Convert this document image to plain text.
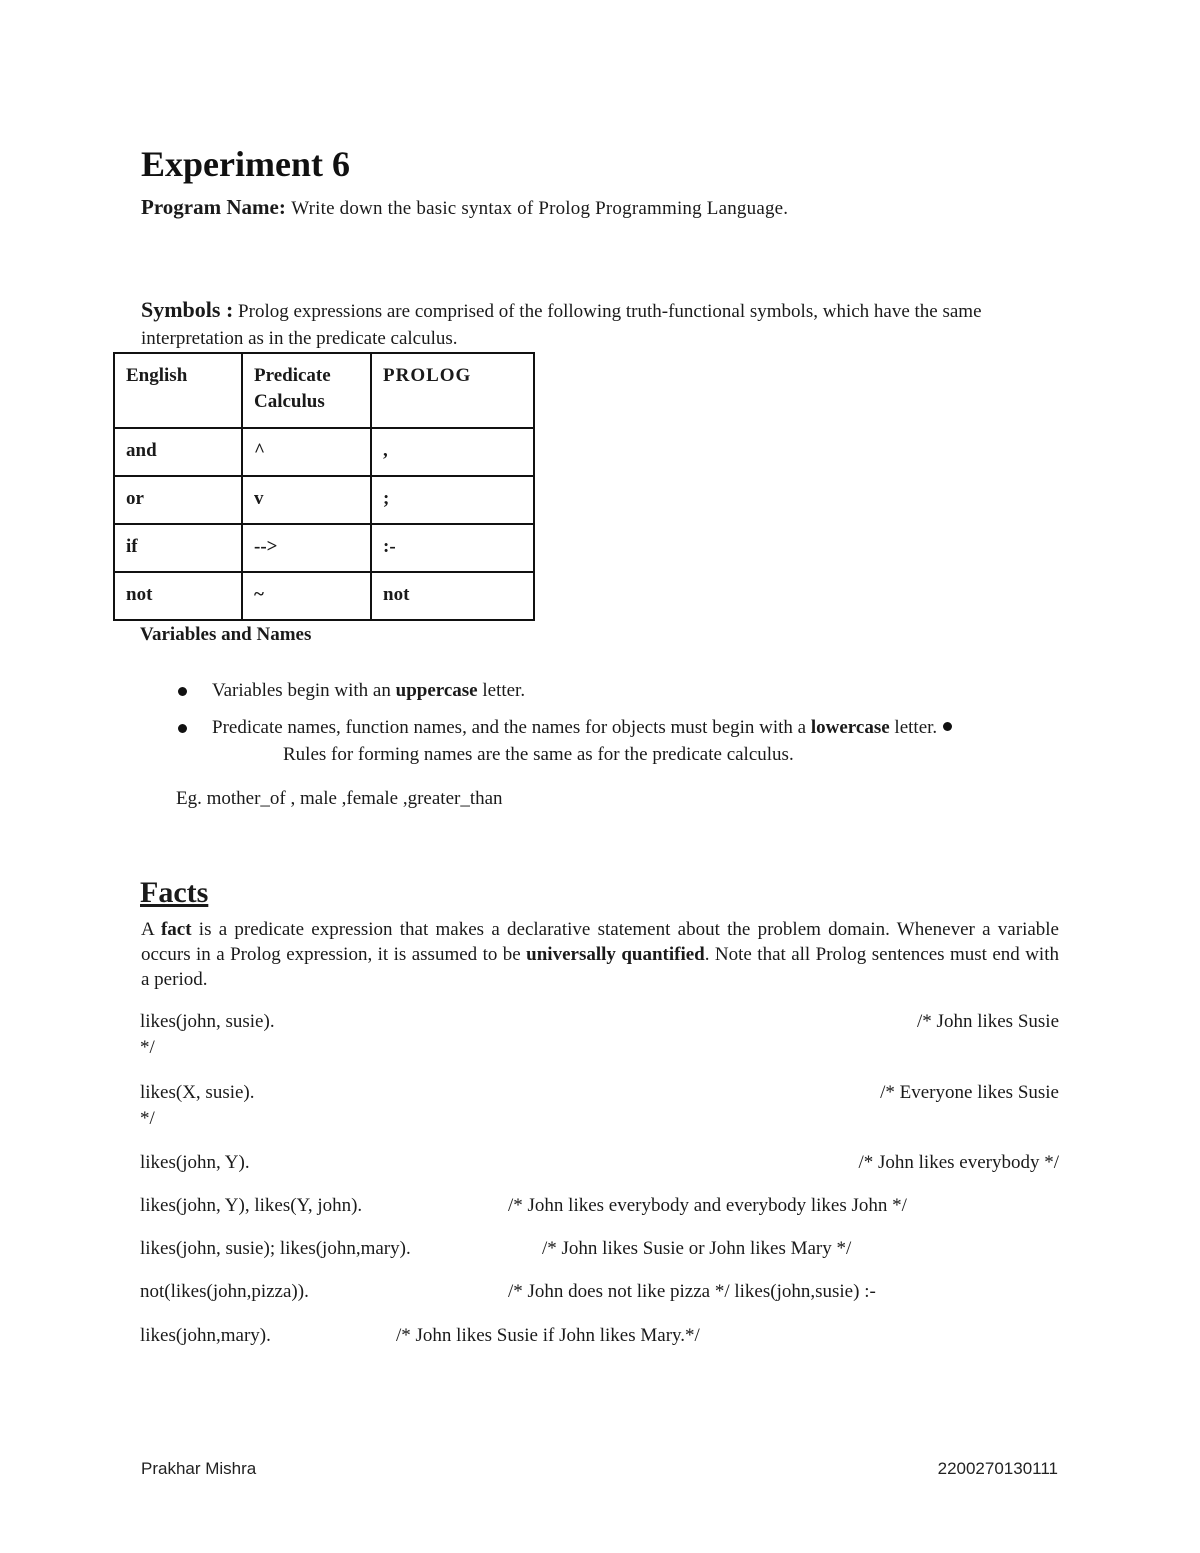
Experiment 6
Program Name: Write down the basic syntax of Prolog Programming Language.

Symbols : Prolog expressions are comprised of the following truth-functional symbols, which have the same interpretation as in the predicate calculus.

English	Predicate Calculus	PROLOG
and	^	,
or	v	;
if	-->	:-
not	~	not
Variables and Names
Variables begin with an uppercase letter.
Predicate names, function names, and the names for objects must begin with a lowercase letter.
Rules for forming names are the same as for the predicate calculus.
Eg. mother_of , male ,female ,greater_than
Facts

A fact is a predicate expression that makes a declarative statement about the problem domain. Whenever a variable occurs in a Prolog expression, it is assumed to be universally quantified. Note that all Prolog sentences must end with a period.

likes(john, susie).	/* John likes Susie
*/
likes(X, susie).	/* Everyone likes Susie
*/
likes(john, Y).	/* John likes everybody */
likes(john, Y), likes(Y, john).	/* John likes everybody and everybody likes John */
likes(john, susie); likes(john,mary).	/* John likes Susie or John likes Mary */
not(likes(john,pizza)).	/* John does not like pizza */ likes(john,susie) :-
likes(john,mary).	/* John likes Susie if John likes Mary.*/
Prakhar Mishra	2200270130111
